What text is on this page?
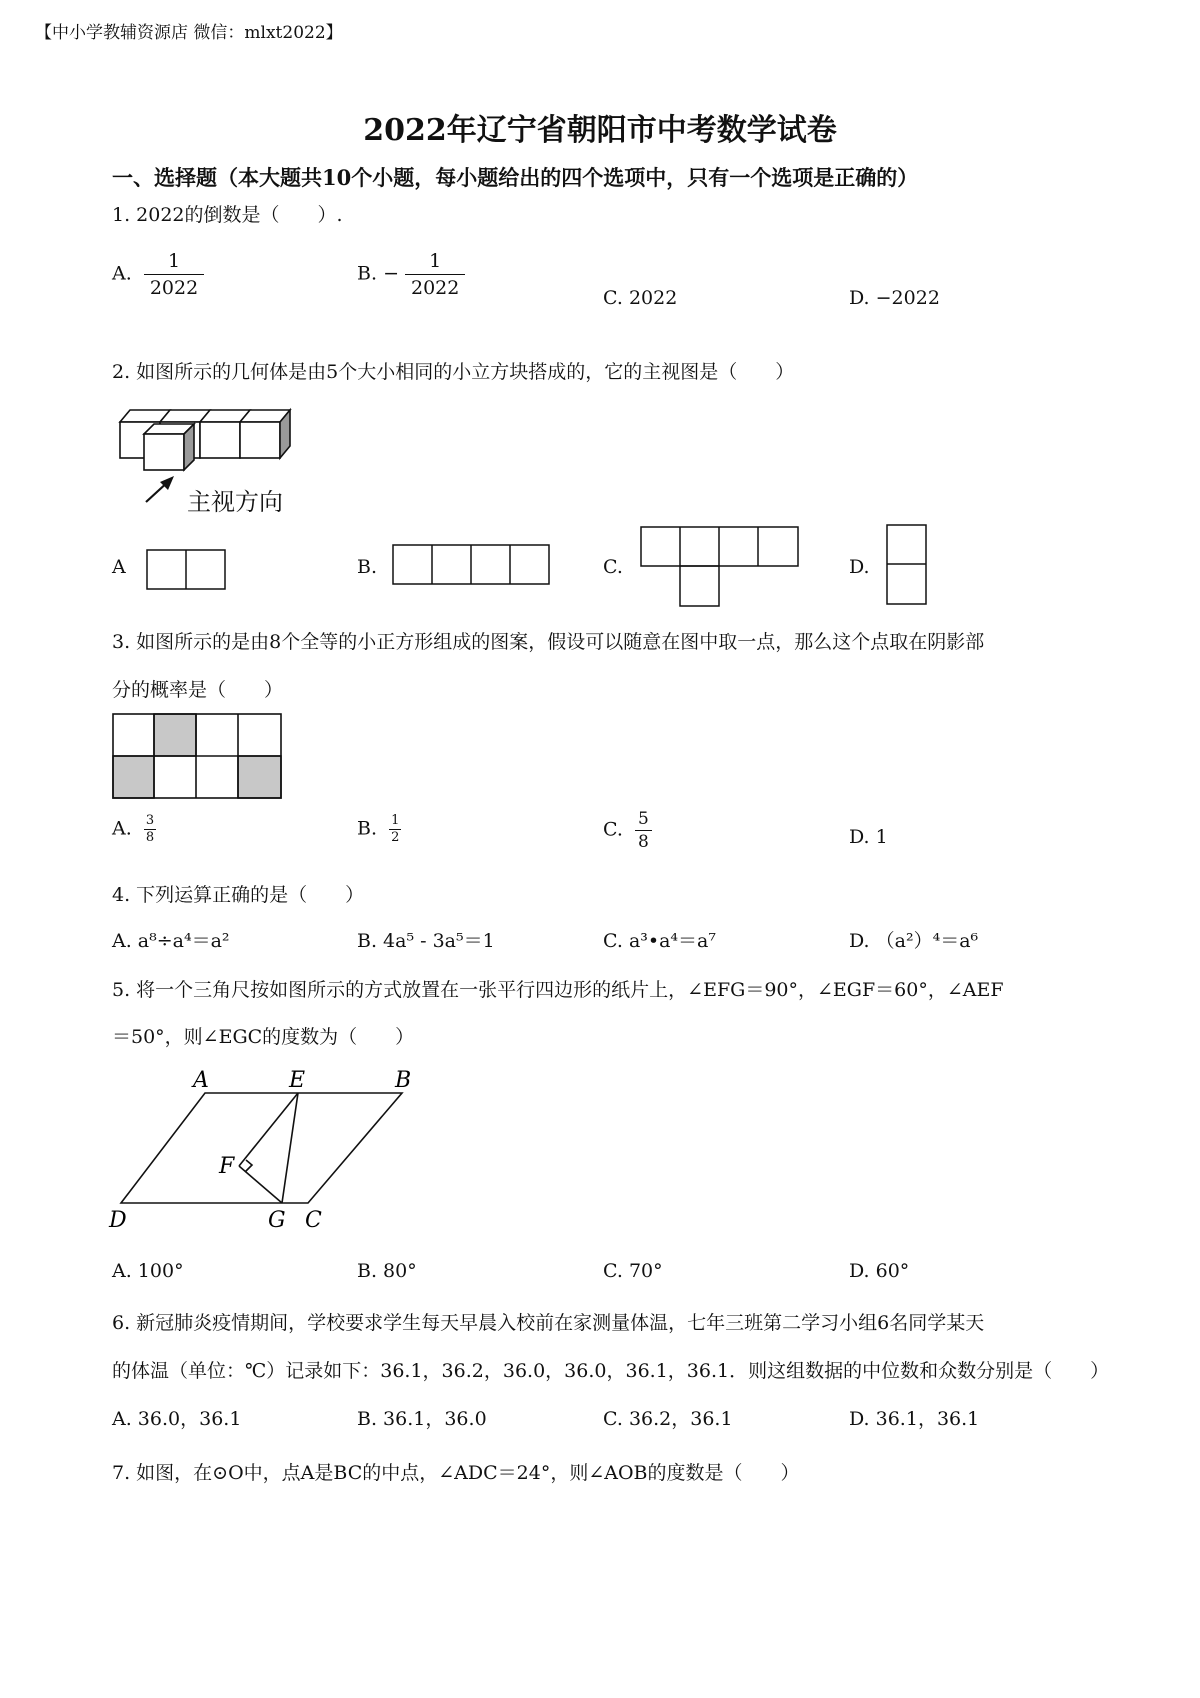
【中小学教辅资源店 微信：mlxt2022】
2022年辽宁省朝阳市中考数学试卷
一、选择题（本大题共10个小题，每小题给出的四个选项中，只有一个选项是正确的）
1. 2022的倒数是（　　）.
A. $\frac{1}{2022}$	B. − $\frac{1}{2022}$	C. 2022	D. −2022
2. 如图所示的几何体是由5个大小相同的小立方块搭成的，它的主视图是（　　）
主视方向
A	B.	C.	D.
3. 如图所示的是由8个全等的小正方形组成的图案，假设可以随意在图中取一点，那么这个点取在阴影部
分的概率是（　　）
A. $\frac{3}{8}$	B. $\frac{1}{2}$	C. $\frac{5}{8}$	D. 1
4. 下列运算正确的是（　　）
A. a⁸÷a⁴＝a²	B. 4a⁵ - 3a⁵＝1	C. a³•a⁴＝a⁷	D. （a²）⁴＝a⁶
5. 将一个三角尺按如图所示的方式放置在一张平行四边形的纸片上，∠EFG＝90°，∠EGF＝60°，∠AEF
＝50°，则∠EGC的度数为（　　）
A	E	B
F
D	G C
A. 100°	B. 80°	C. 70°	D. 60°
6. 新冠肺炎疫情期间，学校要求学生每天早晨入校前在家测量体温，七年三班第二学习小组6名同学某天
的体温（单位：℃）记录如下：36.1，36.2，36.0，36.0，36.1，36.1．则这组数据的中位数和众数分别是（　　）
A. 36.0，36.1	B. 36.1，36.0	C. 36.2，36.1	D. 36.1，36.1
7. 如图，在⊙O中，点A是BC的中点，∠ADC＝24°，则∠AOB的度数是（　　）
